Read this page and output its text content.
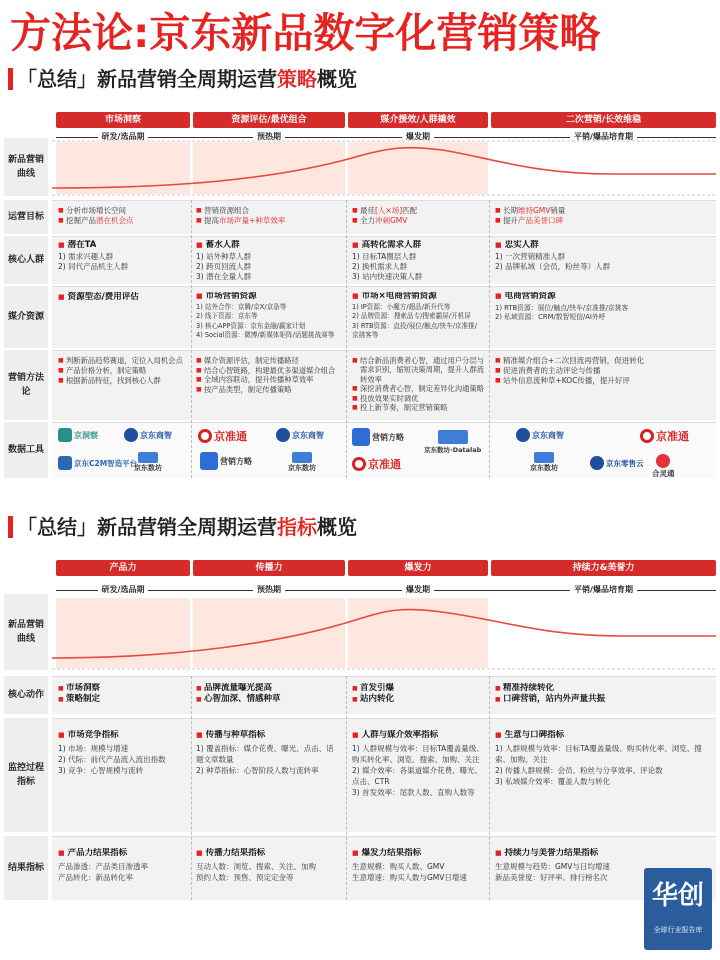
方法论:京东新品数字化营销策略
「总结」新品营销全周期运营策略概览
市场洞察	资源评估/最优组合	媒介援效/人群撬效	二次营销/长效维稳
研发/选品期	预热期	爆发期	平销/爆品培育期
新品营销曲线
运营目标
核心人群
媒介资源
营销方法论
数据工具
■ 分析市场增长空间
■ 挖掘产品潜在机会点
■ 营销资源组合
■ 提高市场声量+种草效率
■ 最佳[人×场]匹配
■ 全力冲刺GMV
■ 长期维持GMV销量
■ 提升产品美誉口碑
■ 潜在TA
1) 需求兴趣人群
2) 同代产品机主人群
■ 蓄水人群
1) 站外种草人群
2) 跨页回流人群
3) 潜在全量人群
■ 高转化需求人群
1) 目标TA圈层人群
2) 换机需求人群
3) 站内快速决策人群
■ 忠实人群
1) 一次营销精准人群
2) 品牌私域（会员，粉丝等）人群
■ 资源型态/费用评估
■	市场营销资源
1) 站外合作：京腾/京X/京条等
2) 线下资源：京东等
3) 核心APP资源：京东金融/赢家计划
4) Social资源：微博/新媒体矩阵/话题挑战赛等
■ 市场×电商营销资源
1) IP资源：小魔方/超品/新升代等
2) 品牌资源：搜索品专/搜索霸屏/开机屏
3) RTB资源：直投/展位/触点/快车/京准推/
京挑客等
■ 电商营销资源
1) RTB资源：展位/触点/快车/京准推/京挑客
2) 私域资源：CRM/数智短信/AI外呼
■ 判断新品趋势赛道，定位入局机会点
■ 产品价格分析，制定策略
■ 根据新品特征，找到核心人群
■ 媒介资源评估，制定传播路径
■ 结合心智链路，构建最优多渠道媒介组合
■ 全域内容联动，提升传播种草效率
■ 按产品类型，制定传播策略
■ 结合新品消费者心智，通过用户分层与需求识别，缩短决策周期，提升人群流转效率
■ 深挖消费者心智，制定差异化沟通策略
■ 投放效果实时调优
■ 投上新节奏，制定营销策略
■ 精准媒介组合+二次回流再营销，促进转化
■ 促进消费者的主动评论与传播
■ 站外信息流种草+KOC传播，提升好评
京洞察	京东商智
京东C2M智造平台
京东数坊
京准通	京东商智
营销方略
京东数坊
营销方略
京东数坊-Datalab
京准通
京东商智
京东数坊
京东零售云
京准通
合灵通
「总结」新品营销全周期运营指标概览
产品力	传播力	爆发力	持续力&美誉力
研发/选品期	预热期	爆发期	平销/爆品培育期
新品营销曲线
核心动作
监控过程指标
结果指标
■ 市场洞察
■ 策略制定
■ 品牌流量曝光提高
■ 心智加深、情感种草
■ 首发引爆
■ 站内转化
■ 精准持续转化
■ 口碑营销，站内外声量共振
■ 市场竞争指标
1) 市场：规模与增速
2) 代际：前代产品流入流出指数
3) 竞争：心智规模与流转
■ 传播与种草指标
1) 覆盖指标：媒介花费、曝光、点击、话题文章数量
2) 种草指标：心智阶段人数与流转率
■ 人群与媒介效率指标
1) 人群规模与效率：目标TA覆盖量级、购买转化率、浏览、搜索、加购、关注
2) 媒介效率：各渠道媒介花费、曝光、点击、CTR
3) 首发效率：尾款人数、直购人数等
■ 生意与口碑指标
1) 人群规模与效率：目标TA覆盖量级、购买转化率、浏览、搜索、加购、关注
2) 传播人群规模：会员、粉丝与分享效率、评论数
3) 私域媒介效率：覆盖人数与转化
■ 产品力结果指标
产品渗透：产品类目渗透率
产品转化：新品转化率
■ 传播力结果指标
互动人数：浏览、搜索、关注、加购
预约人数：预售、预定定金等
■ 爆发力结果指标
生意规模：购买人数、GMV
生意增速：购买人数与GMV日增速
■ 持续力与美誉力结果指标
生意规模与趋势：GMV与日均增速
新品美誉度：好评率、排行榜名次
华创
全球行业报告库
